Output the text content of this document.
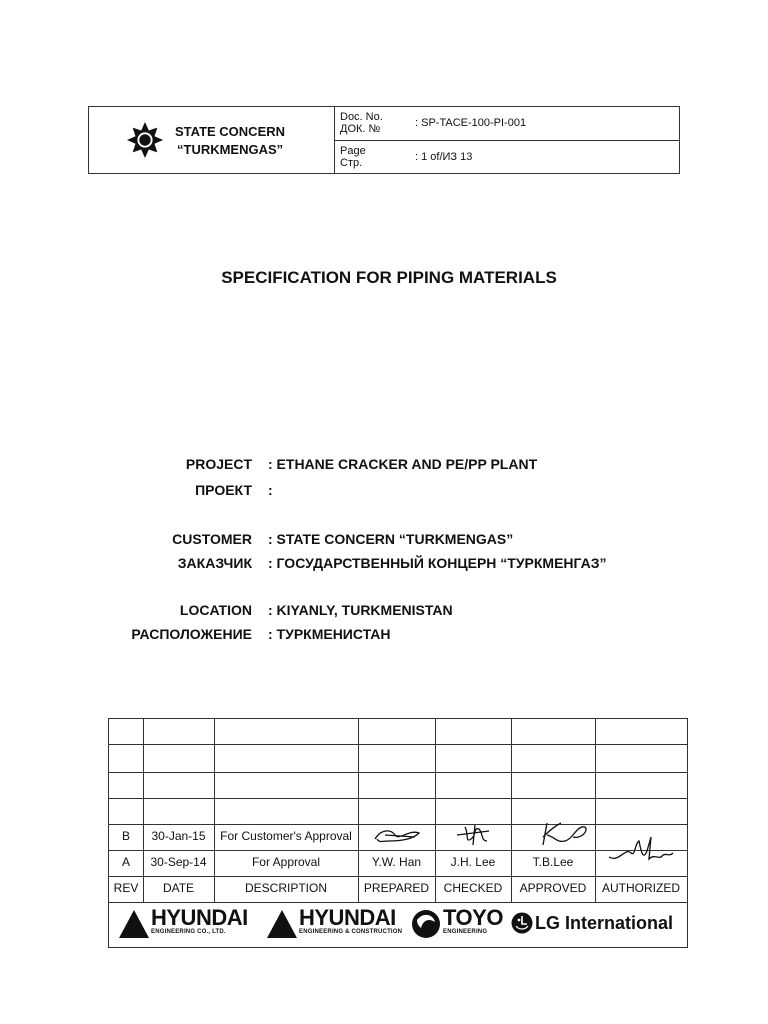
STATE CONCERN
“TURKMENGAS”
Doc. No.
ДОК. №	: SP-TACE-100-PI-001
Page
Стр.	: 1 of/ИЗ 13
SPECIFICATION FOR PIPING MATERIALS
PROJECT : ETHANE CRACKER AND PE/PP PLANT
ПРОЕКТ :
CUSTOMER : STATE CONCERN “TURKMENGAS”
ЗАКАЗЧИК : ГОСУДАРСТВЕННЫЙ КОНЦЕРН “ТУРКМЕНГАЗ”
LOCATION : KIYANLY, TURKMENISTAN
РАСПОЛОЖЕНИЕ : ТУРКМЕНИСТАН
B	30-Jan-15	For Customer's Approval
A	30-Sep-14	For Approval	Y.W. Han	J.H. Lee	T.B.Lee
REV	DATE	DESCRIPTION	PREPARED	CHECKED	APPROVED	AUTHORIZED
HYUNDAI
ENGINEERING CO., LTD.
HYUNDAI
ENGINEERING & CONSTRUCTION
TOYO
ENGINEERING	LG International
